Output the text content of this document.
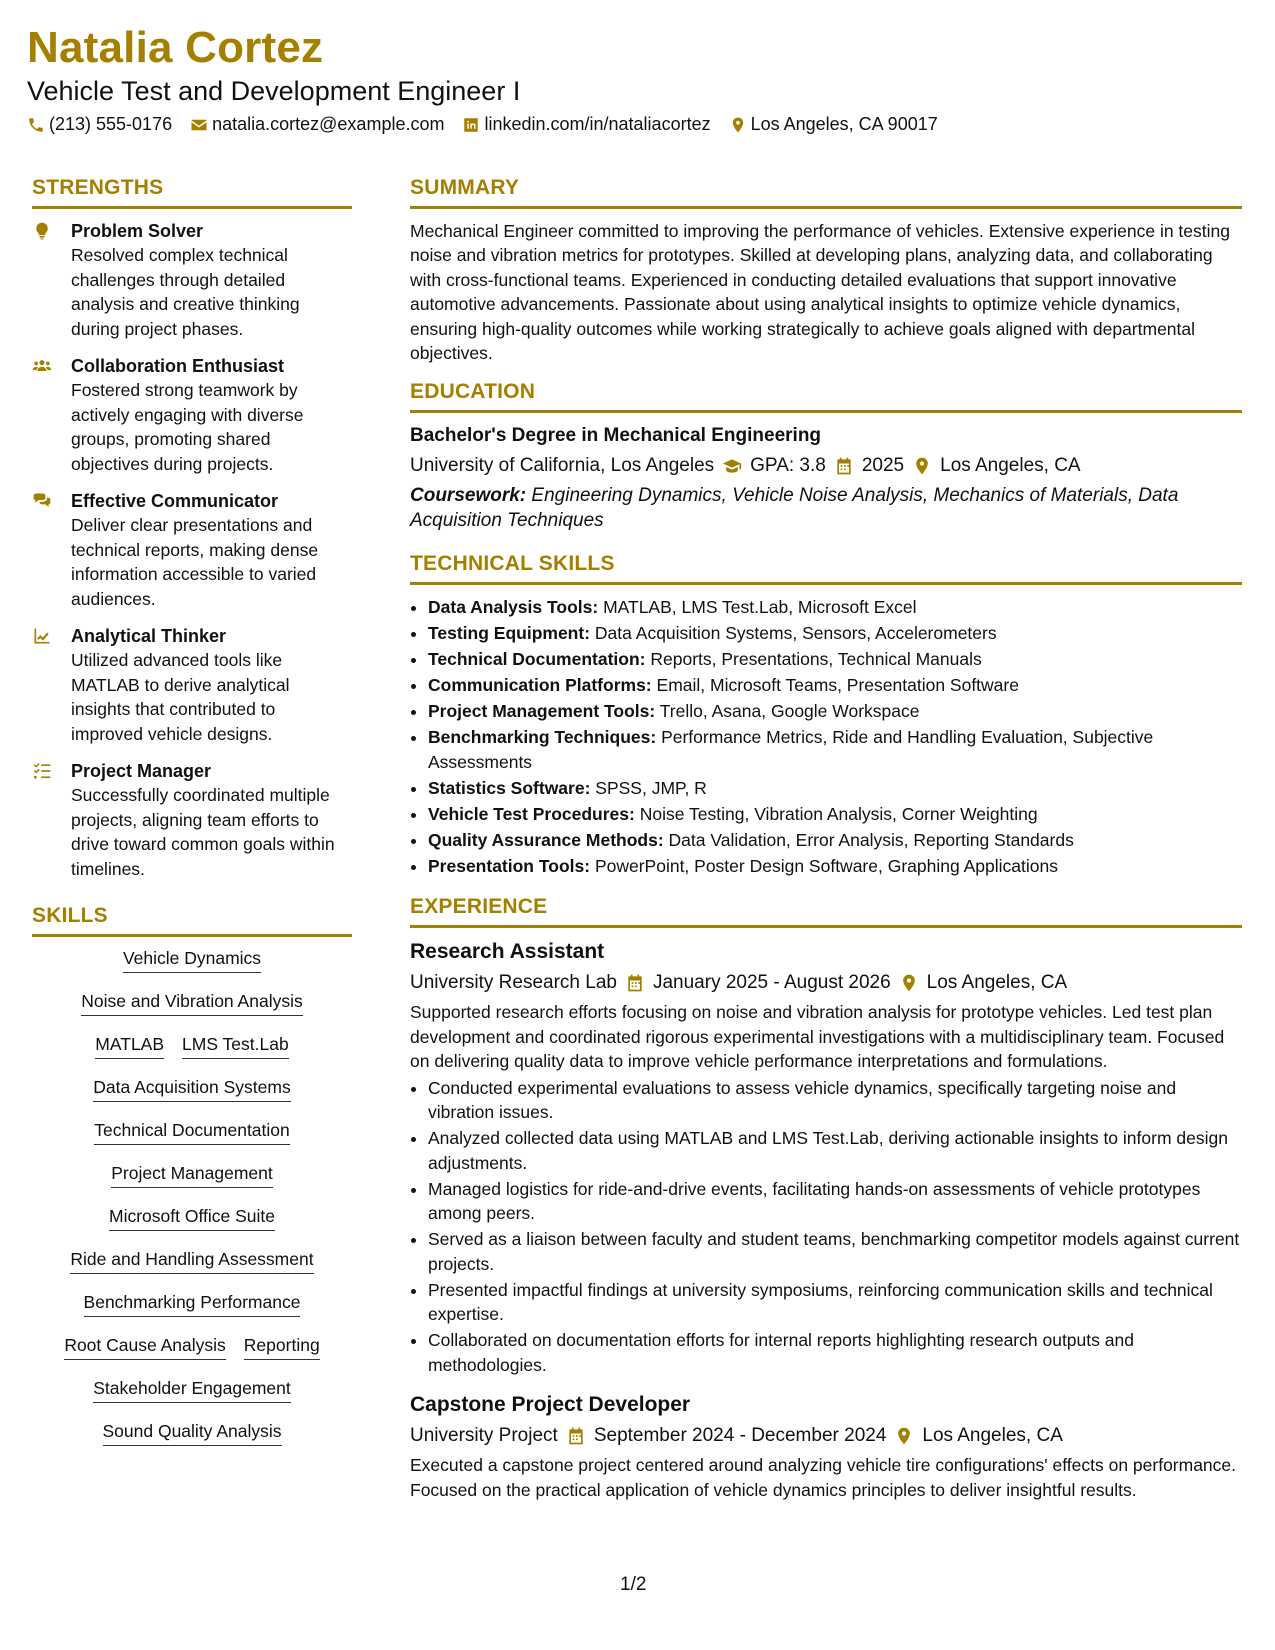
Natalia Cortez
Vehicle Test and Development Engineer I
(213) 555-0176 natalia.cortez@example.com linkedin.com/in/nataliacortez Los Angeles, CA 90017
STRENGTHS
Problem Solver
Resolved complex technical challenges through detailed analysis and creative thinking during project phases.
Collaboration Enthusiast
Fostered strong teamwork by actively engaging with diverse groups, promoting shared objectives during projects.
Effective Communicator
Deliver clear presentations and technical reports, making dense information accessible to varied audiences.
Analytical Thinker
Utilized advanced tools like MATLAB to derive analytical insights that contributed to improved vehicle designs.
Project Manager
Successfully coordinated multiple projects, aligning team efforts to drive toward common goals within timelines.
SKILLS
Vehicle Dynamics
Noise and Vibration Analysis
MATLAB LMS Test.Lab
Data Acquisition Systems
Technical Documentation
Project Management
Microsoft Office Suite
Ride and Handling Assessment
Benchmarking Performance
Root Cause Analysis Reporting
Stakeholder Engagement
Sound Quality Analysis
SUMMARY

Mechanical Engineer committed to improving the performance of vehicles. Extensive experience in testing noise and vibration metrics for prototypes. Skilled at developing plans, analyzing data, and collaborating with cross-functional teams. Experienced in conducting detailed evaluations that support innovative automotive advancements. Passionate about using analytical insights to optimize vehicle dynamics, ensuring high-quality outcomes while working strategically to achieve goals aligned with departmental objectives.

EDUCATION

Bachelor's Degree in Mechanical Engineering

University of California, Los Angeles GPA: 3.8 2025 Los Angeles, CA

Coursework: Engineering Dynamics, Vehicle Noise Analysis, Mechanics of Materials, Data Acquisition Techniques

TECHNICAL SKILLS
• Data Analysis Tools: MATLAB, LMS Test.Lab, Microsoft Excel
• Testing Equipment: Data Acquisition Systems, Sensors, Accelerometers
• Technical Documentation: Reports, Presentations, Technical Manuals
• Communication Platforms: Email, Microsoft Teams, Presentation Software
• Project Management Tools: Trello, Asana, Google Workspace
• Benchmarking Techniques: Performance Metrics, Ride and Handling Evaluation, Subjective Assessments
• Statistics Software: SPSS, JMP, R
• Vehicle Test Procedures: Noise Testing, Vibration Analysis, Corner Weighting
• Quality Assurance Methods: Data Validation, Error Analysis, Reporting Standards
• Presentation Tools: PowerPoint, Poster Design Software, Graphing Applications
EXPERIENCE

Research Assistant

University Research Lab January 2025 - August 2026 Los Angeles, CA

Supported research efforts focusing on noise and vibration analysis for prototype vehicles. Led test plan development and coordinated rigorous experimental investigations with a multidisciplinary team. Focused on delivering quality data to improve vehicle performance interpretations and formulations.

• Conducted experimental evaluations to assess vehicle dynamics, specifically targeting noise and vibration issues.
• Analyzed collected data using MATLAB and LMS Test.Lab, deriving actionable insights to inform design adjustments.
• Managed logistics for ride-and-drive events, facilitating hands-on assessments of vehicle prototypes among peers.
• Served as a liaison between faculty and student teams, benchmarking competitor models against current projects.
• Presented impactful findings at university symposiums, reinforcing communication skills and technical expertise.
• Collaborated on documentation efforts for internal reports highlighting research outputs and methodologies.

Capstone Project Developer

University Project September 2024 - December 2024 Los Angeles, CA

Executed a capstone project centered around analyzing vehicle tire configurations' effects on performance. Focused on the practical application of vehicle dynamics principles to deliver insightful results.

1/2
